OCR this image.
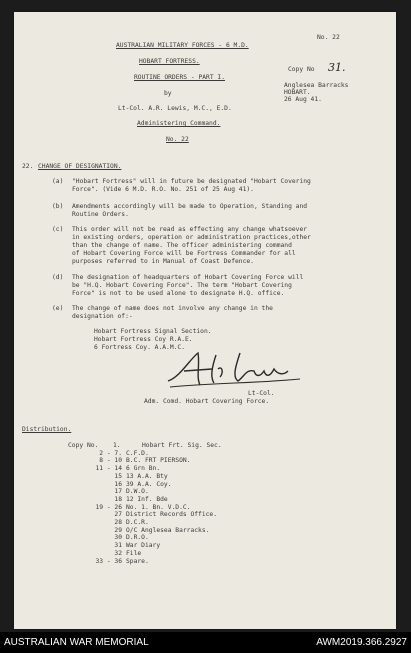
No. 22
AUSTRALIAN MILITARY FORCES - 6 M.D.
HOBART FORTRESS.
Copy No 31.
ROUTINE ORDERS - PART I.
Anglesea Barracks
HOBART.
by
26 Aug 41.
Lt-Col. A.R. Lewis, M.C., E.D.
Administering Command.
No. 22
22. CHANGE OF DESIGNATION.
(a) "Hobart Fortress" will in future be designated "Hobart Covering
Force". (Vide 6 M.D. R.O. No. 251 of 25 Aug 41).
(b) Amendments accordingly will be made to Operation, Standing and
Routine Orders.
(c) This order will not be read as effecting any change whatsoever
in existing orders, operation or administration practices,other
than the change of name. The officer administering command
of Hobart Covering Force will be Fortress Commander for all
purposes referred to in Manual of Coast Defence.
(d) The designation of headquarters of Hobart Covering Force will
be "H.Q. Hobart Covering Force". The term "Hobart Covering
Force" is not to be used alone to designate H.Q. office.
(e) The change of name does not involve any change in the
designation of:-
Hobart Fortress Signal Section.
Hobart Fortress Coy R.A.E.
6 Fortress Coy. A.A.M.C.
Lt-Col.
Adm. Comd. Hobart Covering Force.
Distribution.
Copy No. 1.	Hobart Frt. Sig. Sec.
2 - 7. C.F.D.
8 - 10 B.C. FRT PIERSON.
11 - 14 6 Grn Bn.
15 13 A.A. Bty
16 39 A.A. Coy.
17 D.W.O.
18 12 Inf. Bde
19 - 26 No. 1. Bn. V.D.C.
27 District Records Office.
28 D.C.R.
29 O/C Anglesea Barracks.
30 D.R.O.
31 War Diary
32 File
33 - 36 Spare.
AUSTRALIAN WAR MEMORIAL	AWM2019.366.2927
